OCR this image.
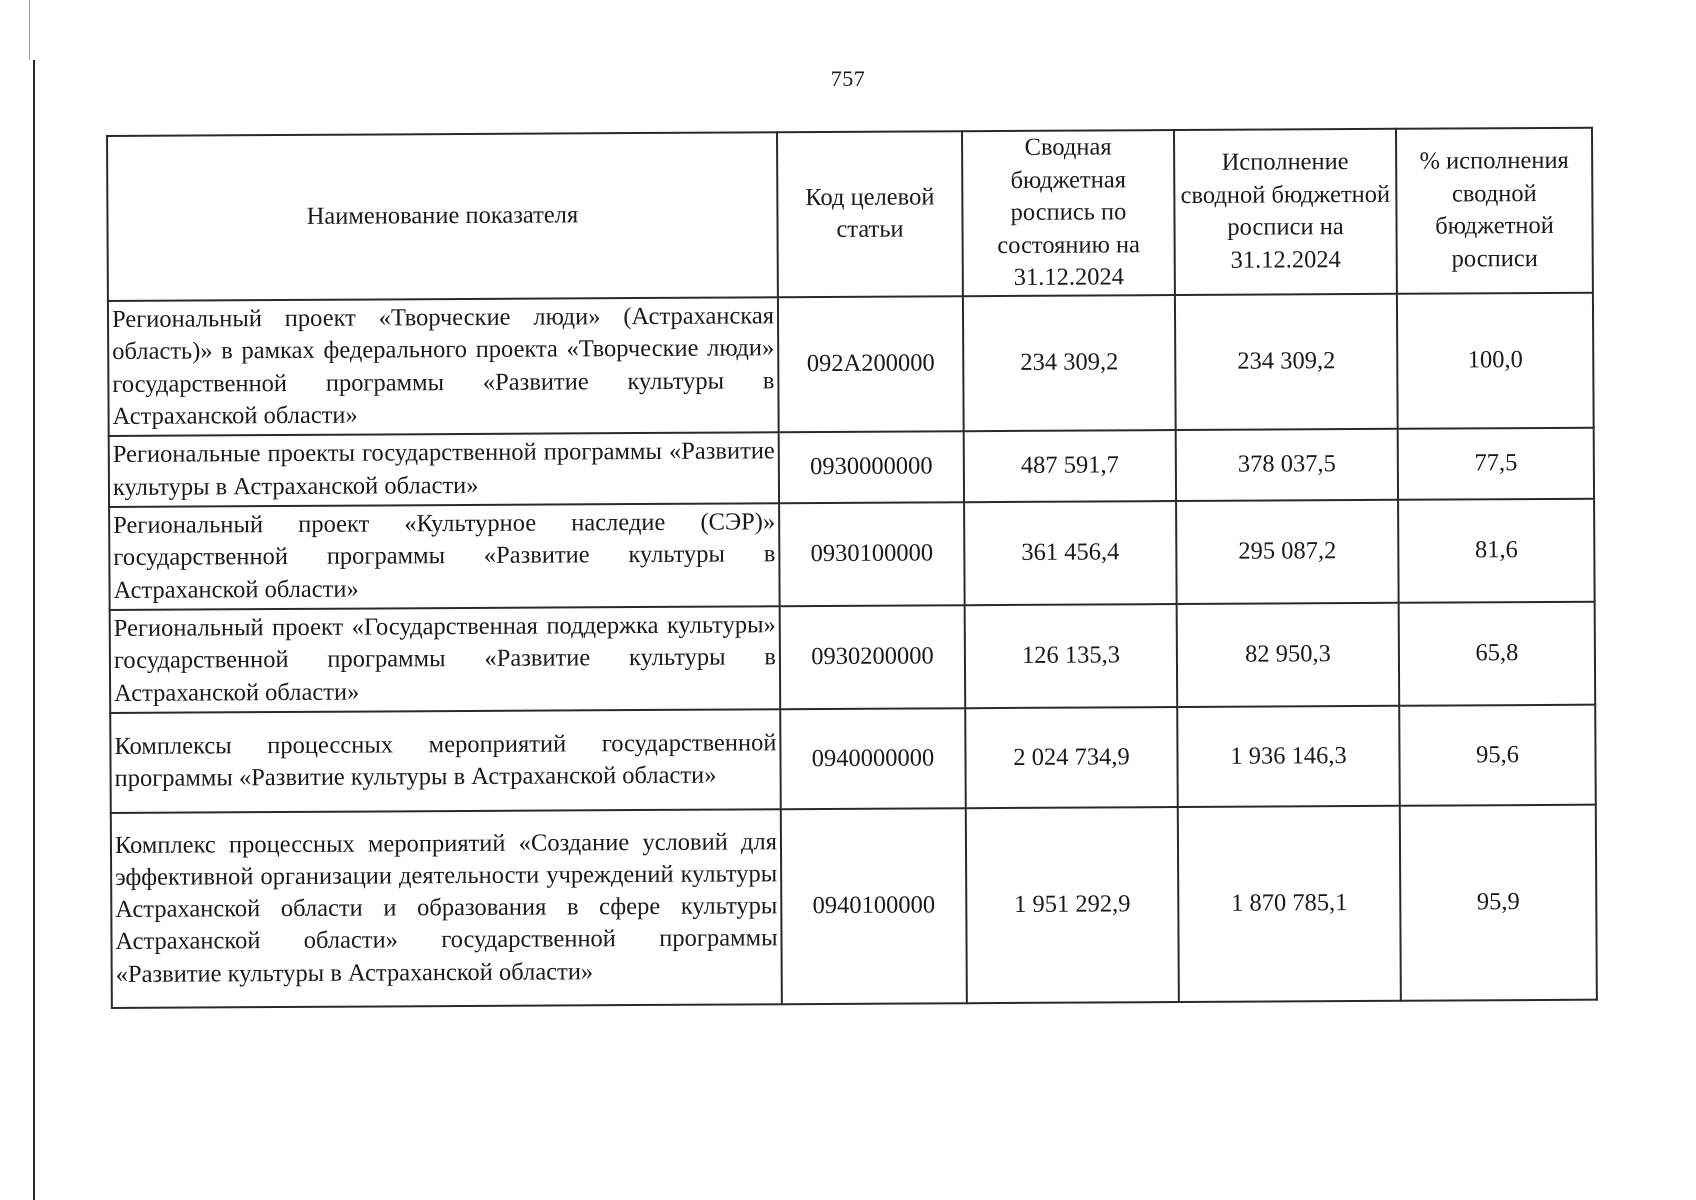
757
Наименование показателя	Код целевой статьи	Сводная бюджетная роспись по состоянию на 31.12.2024	Исполнение сводной бюджетной росписи на 31.12.2024	% исполнения сводной бюджетной росписи
Региональный проект «Творческие люди» (Астраханская область)» в рамках федерального проекта «Творческие люди» государственной программы «Развитие культуры в Астраханской области»	092А200000	234 309,2	234 309,2	100,0
Региональные проекты государственной программы «Развитие культуры в Астраханской области»	0930000000	487 591,7	378 037,5	77,5
Региональный проект «Культурное наследие (СЭР)» государственной программы «Развитие культуры в Астраханской области»	0930100000	361 456,4	295 087,2	81,6
Региональный проект «Государственная поддержка культуры» государственной программы «Развитие культуры в Астраханской области»	0930200000	126 135,3	82 950,3	65,8
Комплексы процессных мероприятий государственной программы «Развитие культуры в Астраханской области»	0940000000	2 024 734,9	1 936 146,3	95,6
Комплекс процессных мероприятий «Создание условий для эффективной организации деятельности учреждений культуры Астраханской области и образования в сфере культуры Астраханской области» государственной программы «Развитие культуры в Астраханской области»	0940100000	1 951 292,9	1 870 785,1	95,9
